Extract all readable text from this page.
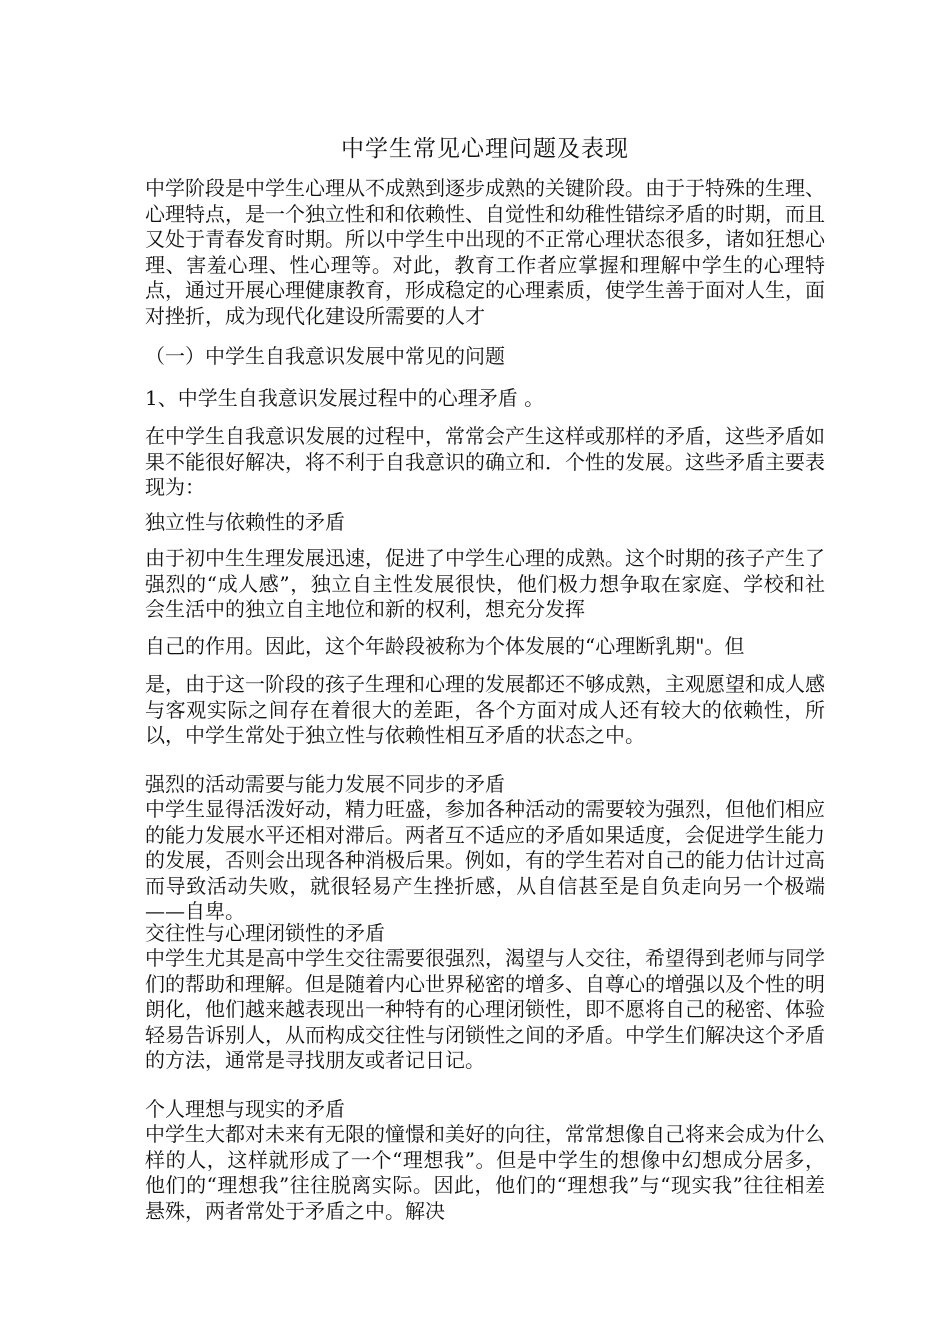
中学生常见心理问题及表现

中学阶段是中学生心理从不成熟到逐步成熟的关键阶段。由于于特殊的生理、心理特点，是一个独立性和和依赖性、自觉性和幼稚性错综矛盾的时期，而且又处于青春发育时期。所以中学生中出现的不正常心理状态很多，诸如狂想心理、害羞心理、性心理等。对此，教育工作者应掌握和理解中学生的心理特点，通过开展心理健康教育，形成稳定的心理素质，使学生善于面对人生，面对挫折，成为现代化建设所需要的人才

（一）中学生自我意识发展中常见的问题

1、中学生自我意识发展过程中的心理矛盾 。

在中学生自我意识发展的过程中，常常会产生这样或那样的矛盾，这些矛盾如果不能很好解决，将不利于自我意识的确立和．个性的发展。这些矛盾主要表现为：

独立性与依赖性的矛盾

由于初中生生理发展迅速，促进了中学生心理的成熟。这个时期的孩子产生了强烈的“成人感”，独立自主性发展很快，他们极力想争取在家庭、学校和社会生活中的独立自主地位和新的权利，想充分发挥

自己的作用。因此，这个年龄段被称为个体发展的“心理断乳期"。但

是，由于这一阶段的孩子生理和心理的发展都还不够成熟，主观愿望和成人感与客观实际之间存在着很大的差距，各个方面对成人还有较大的依赖性，所以，中学生常处于独立性与依赖性相互矛盾的状态之中。

强烈的活动需要与能力发展不同步的矛盾

中学生显得活泼好动，精力旺盛，参加各种活动的需要较为强烈，但他们相应的能力发展水平还相对滞后。两者互不适应的矛盾如果适度，会促进学生能力的发展，否则会出现各种消极后果。例如，有的学生若对自己的能力估计过高而导致活动失败，就很轻易产生挫折感，从自信甚至是自负走向另一个极端——自卑。

交往性与心理闭锁性的矛盾

中学生尤其是高中学生交往需要很强烈，渴望与人交往，希望得到老师与同学们的帮助和理解。但是随着内心世界秘密的增多、自尊心的增强以及个性的明朗化，他们越来越表现出一种特有的心理闭锁性，即不愿将自己的秘密、体验轻易告诉别人，从而构成交往性与闭锁性之间的矛盾。中学生们解决这个矛盾的方法，通常是寻找朋友或者记日记。

个人理想与现实的矛盾

中学生大都对未来有无限的憧憬和美好的向往，常常想像自己将来会成为什么样的人，这样就形成了一个“理想我”。但是中学生的想像中幻想成分居多，他们的“理想我”往往脱离实际。因此，他们的“理想我”与“现实我”往往相差悬殊，两者常处于矛盾之中。解决
